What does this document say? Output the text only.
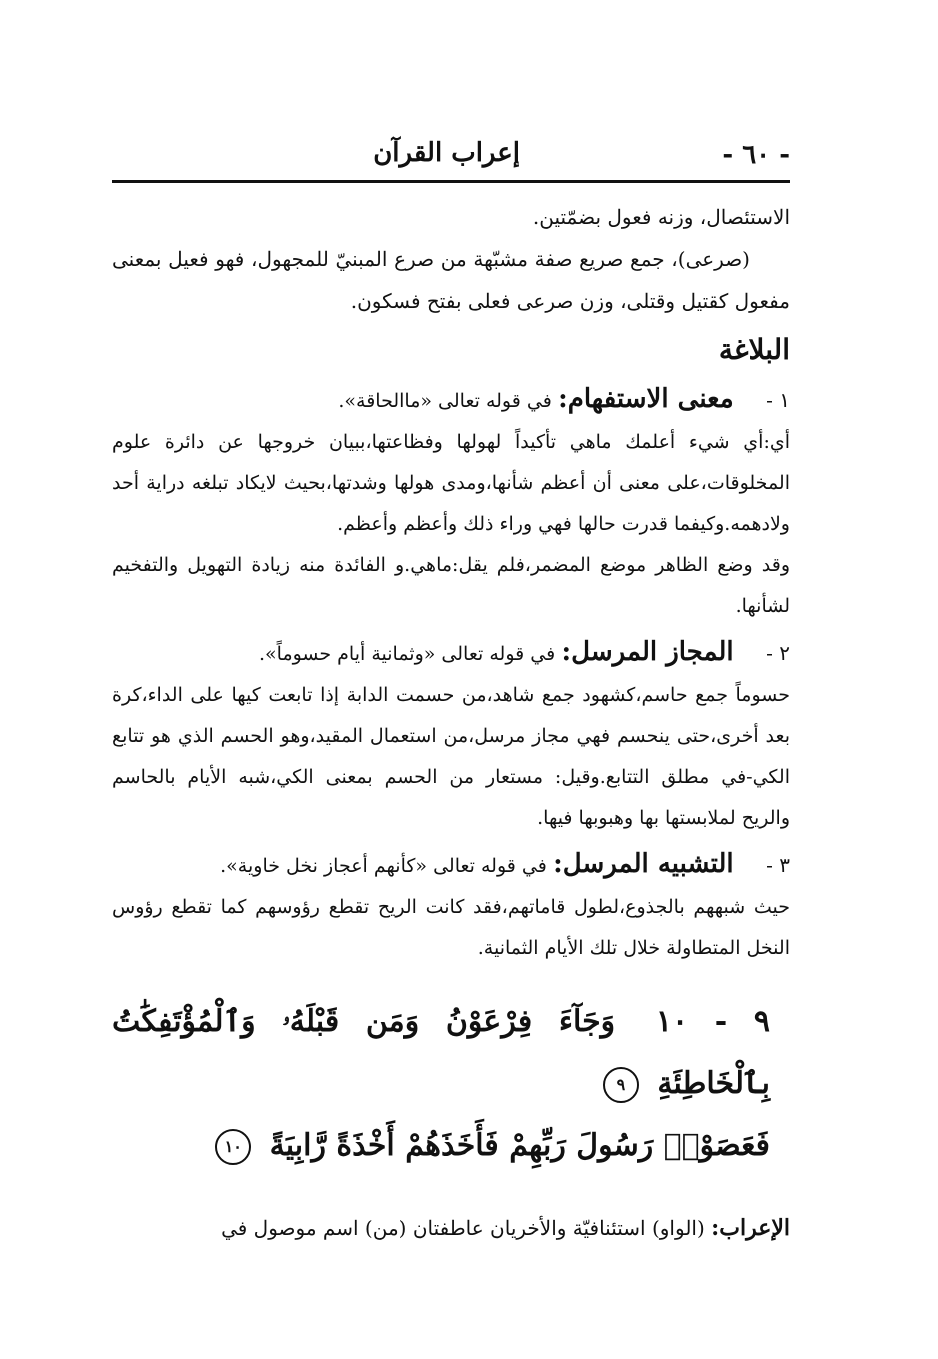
- ٦٠ -
إعراب القرآن

الاستئصال، وزنه فعول بضمّتين.

(صرعى)، جمع صريع صفة مشبّهة من صرع المبنيّ للمجهول، فهو فعيل بمعنى مفعول كقتيل وقتلى، وزن صرعى فعلى بفتح فسكون.

البلاغة

١ - معنى الاستفهام: في قوله تعالى «ماالحاقة».

أي:أي شيء أعلمك ماهي تأكيداً لهولها وفظاعتها،ببيان خروجها عن دائرة علوم المخلوقات،على معنى أن أعظم شأنها،ومدى هولها وشدتها،بحيث لايكاد تبلغه دراية أحد ولادهمه.وكيفما قدرت حالها فهي وراء ذلك وأعظم وأعظم.

وقد وضع الظاهر موضع المضمر،فلم يقل:ماهي.و الفائدة منه زيادة التهويل والتفخيم لشأنها.

٢ - المجاز المرسل: في قوله تعالى «وثمانية أيام حسوماً».

حسوماً جمع حاسم،كشهود جمع شاهد،من حسمت الدابة إذا تابعت كيها على الداء،كرة بعد أخرى،حتى ينحسم فهي مجاز مرسل،من استعمال المقيد،وهو الحسم الذي هو تتابع الكي-في مطلق التتابع.وقيل: مستعار من الحسم بمعنى الكي،شبه الأيام بالحاسم والريح لملابستها بها وهبوبها فيها.

٣ - التشبيه المرسل: في قوله تعالى «كأنهم أعجاز نخل خاوية».

حيث شبههم بالجذوع،لطول قاماتهم،فقد كانت الريح تقطع رؤوسهم كما تقطع رؤوس النخل المتطاولة خلال تلك الأيام الثمانية.

٩ - ١٠ وَجَآءَ فِرْعَوْنُ وَمَن قَبْلَهُۥ وَٱلْمُؤْتَفِكَٰتُ بِٱلْخَاطِئَةِ ٩
فَعَصَوْا۟ رَسُولَ رَبِّهِمْ فَأَخَذَهُمْ أَخْذَةً رَّابِيَةً ١٠

الإعراب: (الواو) استئنافيّة والأخريان عاطفتان (من) اسم موصول في
